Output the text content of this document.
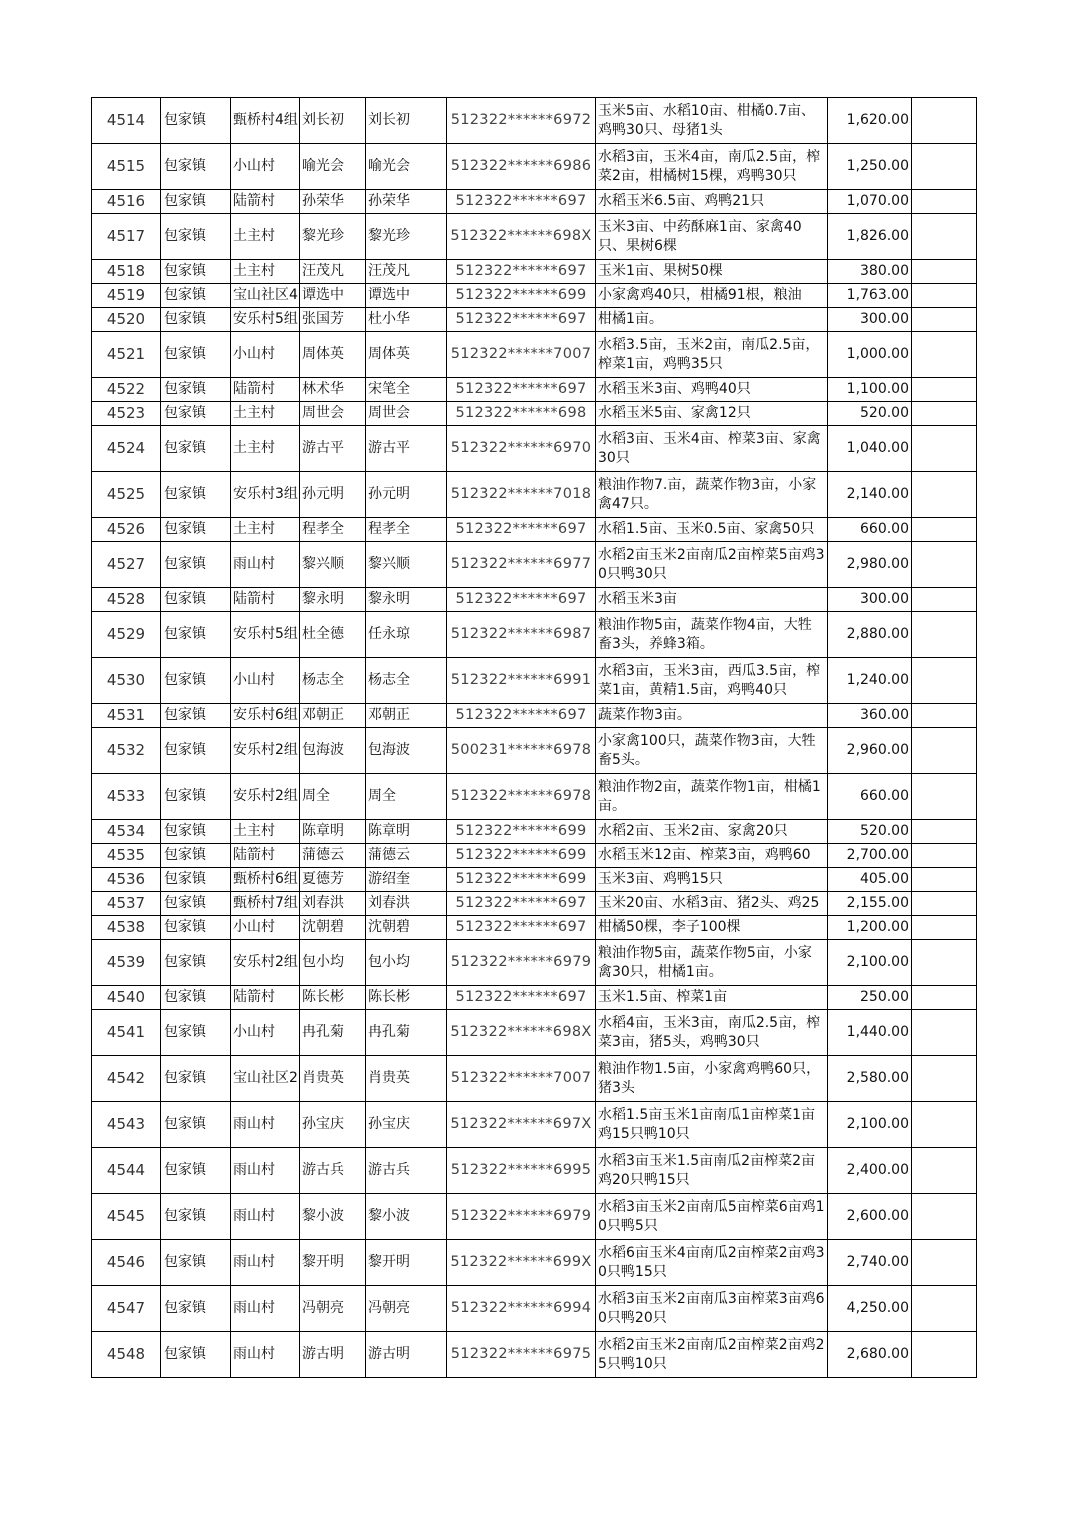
4514	包家镇	甄桥村4组	刘长初	刘长初	512322******6972	玉米5亩、水稻10亩、柑橘0.7亩、鸡鸭30只、母猪1头	1,620.00	
4515	包家镇	小山村	喻光会	喻光会	512322******6986	水稻3亩，玉米4亩，南瓜2.5亩，榨菜2亩，柑橘树15棵，鸡鸭30只	1,250.00	
4516	包家镇	陆箭村	孙荣华	孙荣华	512322******697	水稻玉米6.5亩、鸡鸭21只	1,070.00	
4517	包家镇	土主村	黎光珍	黎光珍	512322******698X	玉米3亩、中药酥麻1亩、家禽40只、果树6棵	1,826.00	
4518	包家镇	土主村	汪茂凡	汪茂凡	512322******697	玉米1亩、果树50棵	380.00	
4519	包家镇	宝山社区4	谭选中	谭选中	512322******699	小家禽鸡40只，柑橘91根，粮油	1,763.00	
4520	包家镇	安乐村5组	张国芳	杜小华	512322******697	柑橘1亩。	300.00	
4521	包家镇	小山村	周体英	周体英	512322******7007	水稻3.5亩，玉米2亩，南瓜2.5亩，榨菜1亩，鸡鸭35只	1,000.00	
4522	包家镇	陆箭村	林术华	宋笔全	512322******697	水稻玉米3亩、鸡鸭40只	1,100.00	
4523	包家镇	土主村	周世会	周世会	512322******698	水稻玉米5亩、家禽12只	520.00	
4524	包家镇	土主村	游古平	游古平	512322******6970	水稻3亩、玉米4亩、榨菜3亩、家禽30只	1,040.00	
4525	包家镇	安乐村3组	孙元明	孙元明	512322******7018	粮油作物7.亩，蔬菜作物3亩，小家禽47只。	2,140.00	
4526	包家镇	土主村	程孝全	程孝全	512322******697	水稻1.5亩、玉米0.5亩、家禽50只	660.00	
4527	包家镇	雨山村	黎兴顺	黎兴顺	512322******6977	水稻2亩玉米2亩南瓜2亩榨菜5亩鸡30只鸭30只	2,980.00	
4528	包家镇	陆箭村	黎永明	黎永明	512322******697	水稻玉米3亩	300.00	
4529	包家镇	安乐村5组	杜全德	任永琼	512322******6987	粮油作物5亩，蔬菜作物4亩，大牲畜3头，养蜂3箱。	2,880.00	
4530	包家镇	小山村	杨志全	杨志全	512322******6991	水稻3亩，玉米3亩，西瓜3.5亩，榨菜1亩，黄精1.5亩，鸡鸭40只	1,240.00	
4531	包家镇	安乐村6组	邓朝正	邓朝正	512322******697	蔬菜作物3亩。	360.00	
4532	包家镇	安乐村2组	包海波	包海波	500231******6978	小家禽100只，蔬菜作物3亩，大牲畜5头。	2,960.00	
4533	包家镇	安乐村2组	周全	周全	512322******6978	粮油作物2亩，蔬菜作物1亩，柑橘1亩。	660.00	
4534	包家镇	土主村	陈章明	陈章明	512322******699	水稻2亩、玉米2亩、家禽20只	520.00	
4535	包家镇	陆箭村	蒲德云	蒲德云	512322******699	水稻玉米12亩、榨菜3亩，鸡鸭60	2,700.00	
4536	包家镇	甄桥村6组	夏德芳	游绍奎	512322******699	玉米3亩、鸡鸭15只	405.00	
4537	包家镇	甄桥村7组	刘春洪	刘春洪	512322******697	玉米20亩、水稻3亩、猪2头、鸡25	2,155.00	
4538	包家镇	小山村	沈朝碧	沈朝碧	512322******697	柑橘50棵，李子100棵	1,200.00	
4539	包家镇	安乐村2组	包小均	包小均	512322******6979	粮油作物5亩，蔬菜作物5亩，小家禽30只，柑橘1亩。	2,100.00	
4540	包家镇	陆箭村	陈长彬	陈长彬	512322******697	玉米1.5亩、榨菜1亩	250.00	
4541	包家镇	小山村	冉孔菊	冉孔菊	512322******698X	水稻4亩，玉米3亩，南瓜2.5亩，榨菜3亩，猪5头，鸡鸭30只	1,440.00	
4542	包家镇	宝山社区2	肖贵英	肖贵英	512322******7007	粮油作物1.5亩，小家禽鸡鸭60只，猪3头	2,580.00	
4543	包家镇	雨山村	孙宝庆	孙宝庆	512322******697X	水稻1.5亩玉米1亩南瓜1亩榨菜1亩鸡15只鸭10只	2,100.00	
4544	包家镇	雨山村	游古兵	游古兵	512322******6995	水稻3亩玉米1.5亩南瓜2亩榨菜2亩鸡20只鸭15只	2,400.00	
4545	包家镇	雨山村	黎小波	黎小波	512322******6979	水稻3亩玉米2亩南瓜5亩榨菜6亩鸡10只鸭5只	2,600.00	
4546	包家镇	雨山村	黎开明	黎开明	512322******699X	水稻6亩玉米4亩南瓜2亩榨菜2亩鸡30只鸭15只	2,740.00	
4547	包家镇	雨山村	冯朝亮	冯朝亮	512322******6994	水稻3亩玉米2亩南瓜3亩榨菜3亩鸡60只鸭20只	4,250.00	
4548	包家镇	雨山村	游古明	游古明	512322******6975	水稻2亩玉米2亩南瓜2亩榨菜2亩鸡25只鸭10只	2,680.00	
